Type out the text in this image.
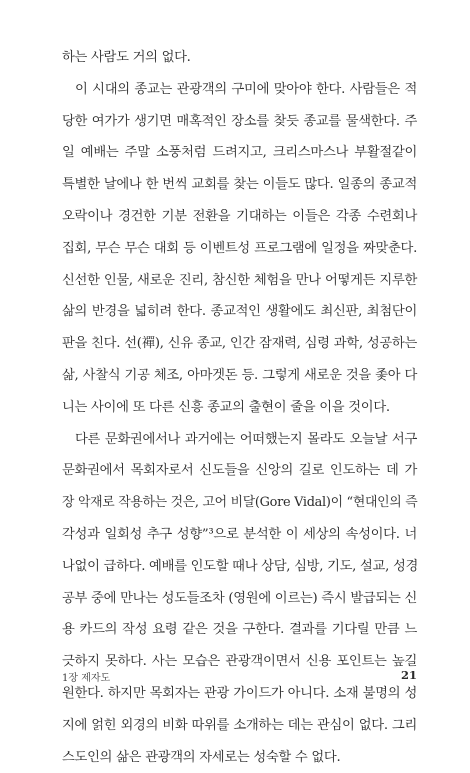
하는 사람도 거의 없다.
이 시대의 종교는 관광객의 구미에 맞아야 한다. 사람들은 적
당한 여가가 생기면 매혹적인 장소를 찾듯 종교를 물색한다. 주
일 예배는 주말 소풍처럼 드려지고, 크리스마스나 부활절같이
특별한 날에나 한 번씩 교회를 찾는 이들도 많다. 일종의 종교적
오락이나 경건한 기분 전환을 기대하는 이들은 각종 수련회나
집회, 무슨 무슨 대회 등 이벤트성 프로그램에 일정을 짜맞춘다.
신선한 인물, 새로운 진리, 참신한 체험을 만나 어떻게든 지루한
삶의 반경을 넓히려 한다. 종교적인 생활에도 최신판, 최첨단이
판을 친다. 선(禪), 신유 종교, 인간 잠재력, 심령 과학, 성공하는
삶, 사찰식 기공 체조, 아마겟돈 등. 그렇게 새로운 것을 좇아 다
니는 사이에 또 다른 신흥 종교의 출현이 줄을 이을 것이다.
다른 문화권에서나 과거에는 어떠했는지 몰라도 오늘날 서구
문화권에서 목회자로서 신도들을 신앙의 길로 인도하는 데 가
장 악재로 작용하는 것은, 고어 비달(Gore Vidal)이 “현대인의 즉
각성과 일회성 추구 성향”³으로 분석한 이 세상의 속성이다. 너
나없이 급하다. 예배를 인도할 때나 상담, 심방, 기도, 설교, 성경
공부 중에 만나는 성도들조차 (영원에 이르는) 즉시 발급되는 신
용 카드의 작성 요령 같은 것을 구한다. 결과를 기다릴 만큼 느
긋하지 못하다. 사는 모습은 관광객이면서 신용 포인트는 높길
원한다. 하지만 목회자는 관광 가이드가 아니다. 소재 불명의 성
지에 얽힌 외경의 비화 따위를 소개하는 데는 관심이 없다. 그리
스도인의 삶은 관광객의 자세로는 성숙할 수 없다.
1장 제자도	21
